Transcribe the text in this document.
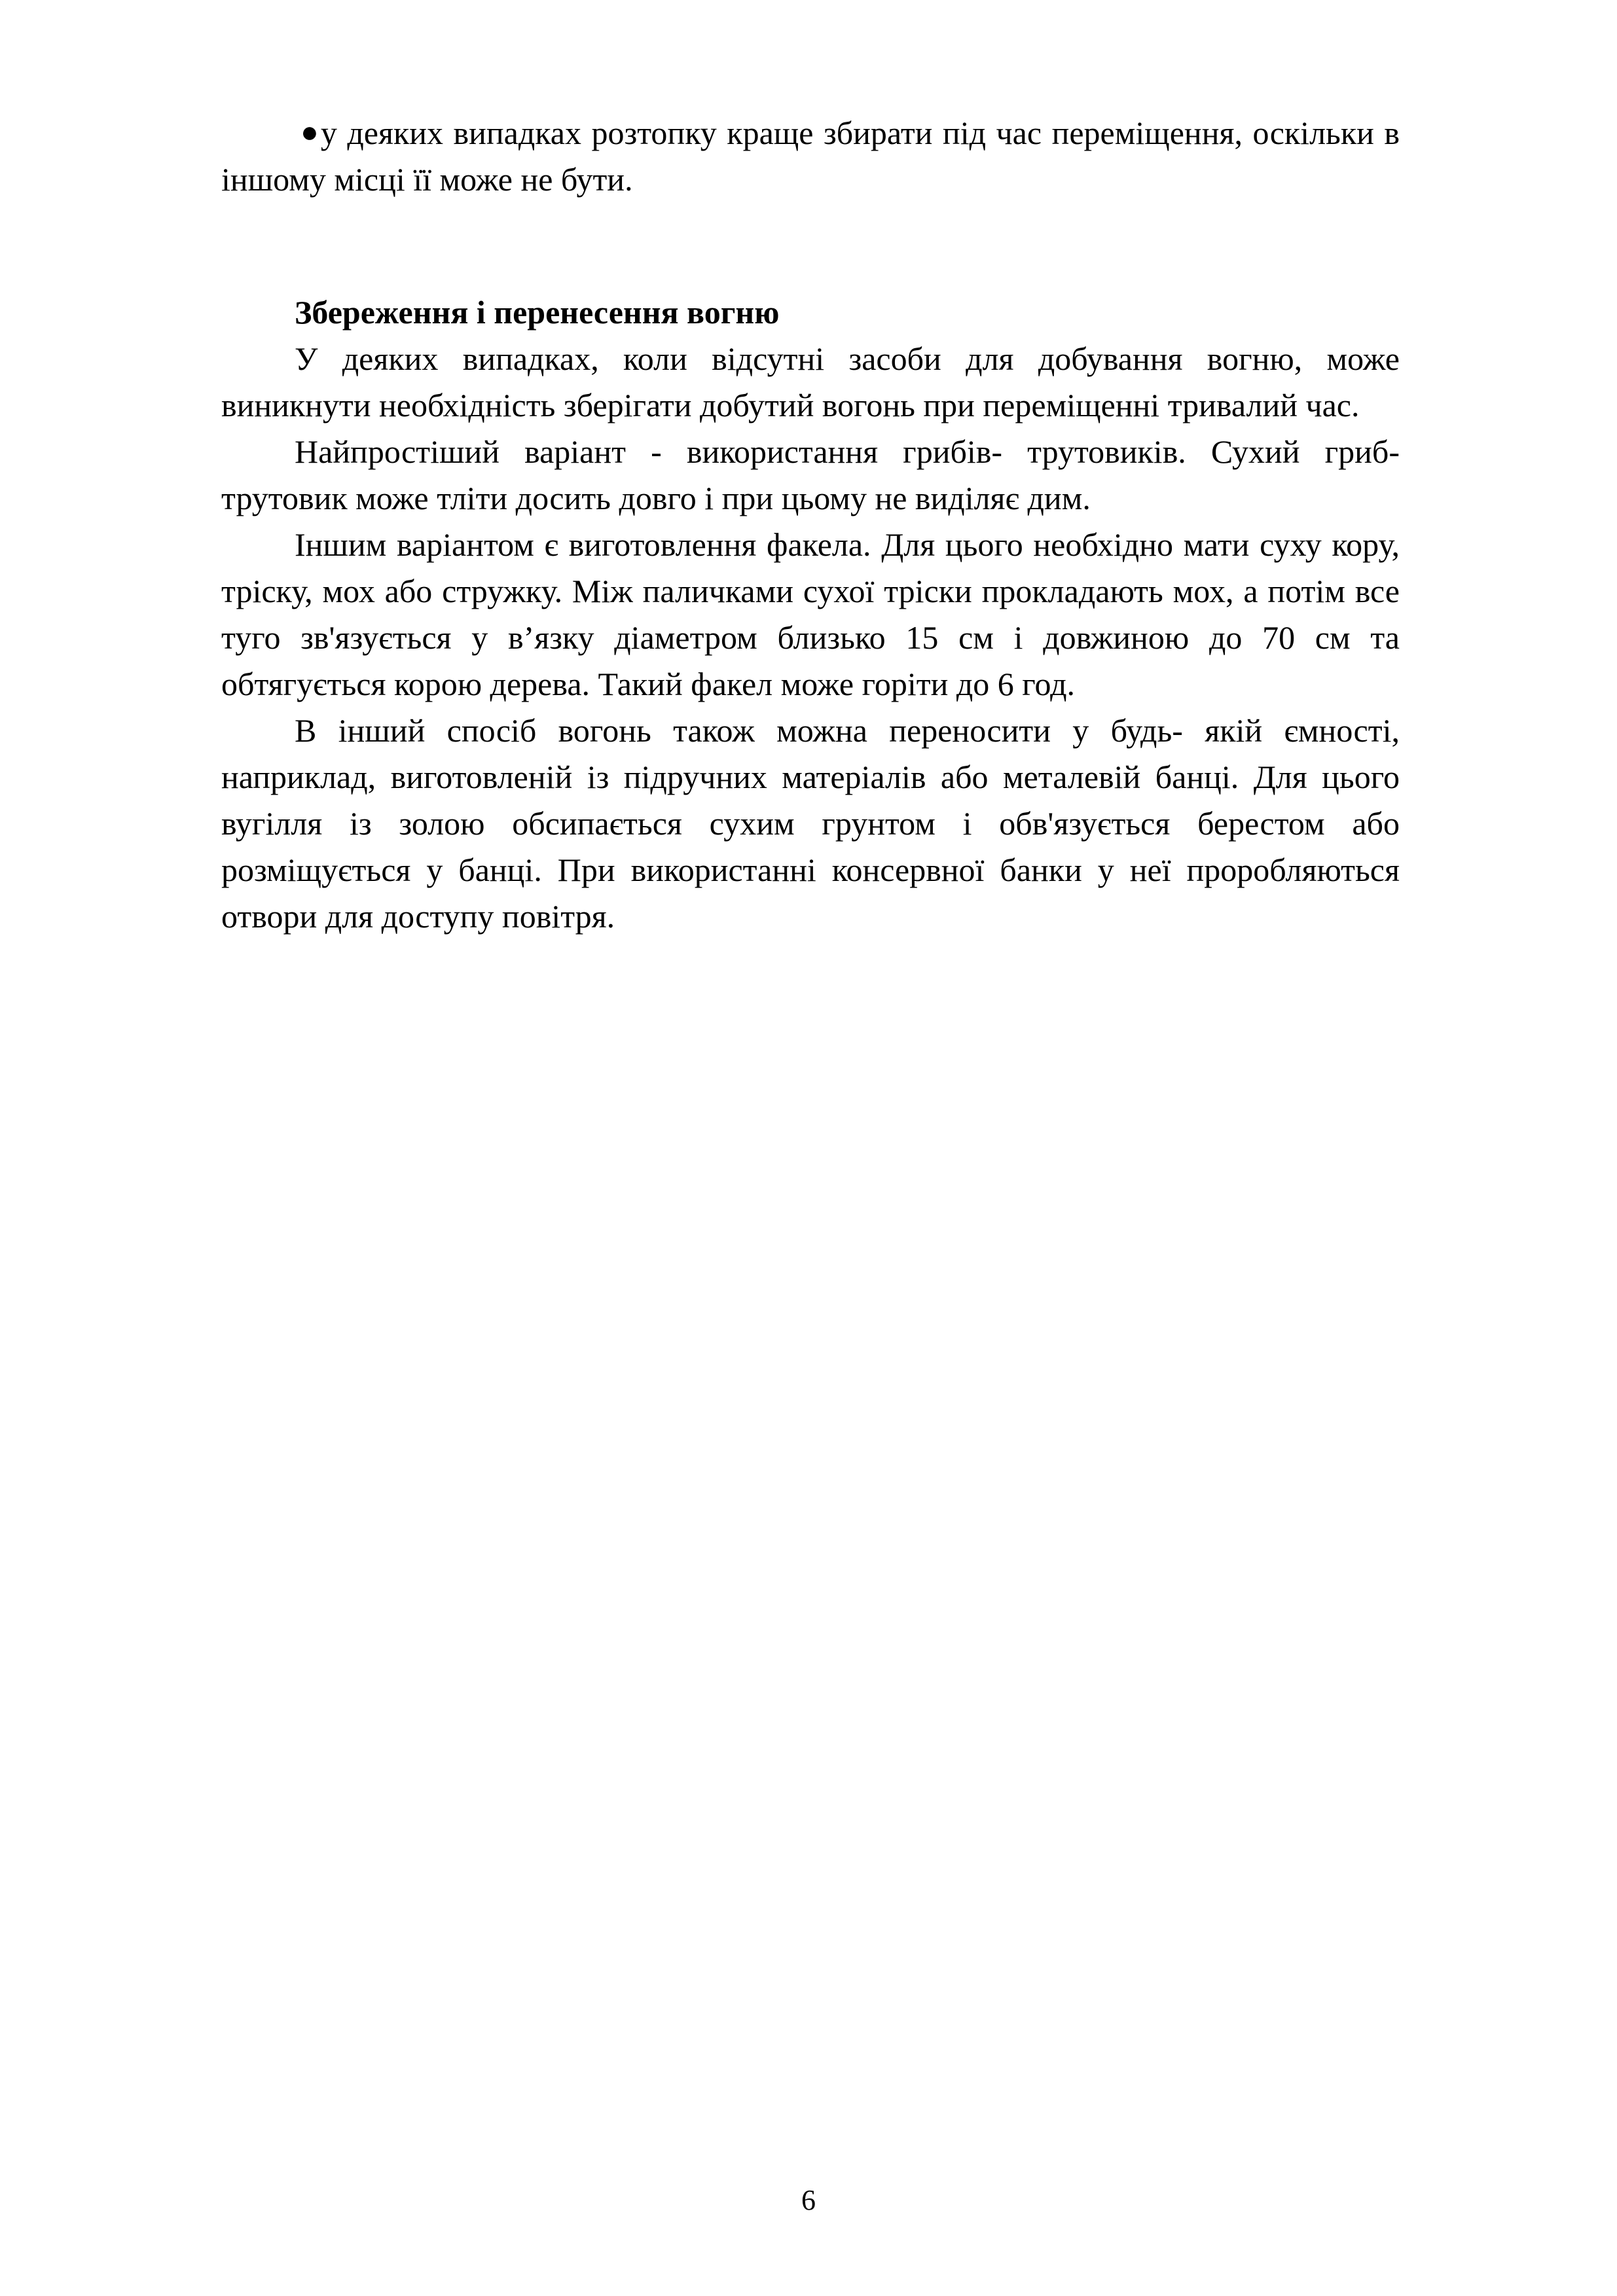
●у деяких випадках розтопку краще збирати під час переміщення, оскільки в іншому місці її може не бути.

Збереження і перенесення вогню

У деяких випадках, коли відсутні засоби для добування вогню, може виникнути необхідність зберігати добутий вогонь при переміщенні тривалий час.

Найпростіший варіант - використання грибів- трутовиків. Сухий гриб-трутовик може тліти досить довго і при цьому не виділяє дим.

Іншим варіантом є виготовлення факела. Для цього необхідно мати суху кору, тріску, мох або стружку. Між паличками сухої тріски прокладають мох, а потім все туго зв'язується у в’язку діаметром близько 15 см і довжиною до 70 см та обтягується корою дерева. Такий факел може горіти до 6 год.

В інший спосіб вогонь також можна переносити у будь- якій ємності, наприклад, виготовленій із підручних матеріалів або металевій банці. Для цього вугілля із золою обсипається сухим грунтом і обв'язується берестом або розміщується у банці. При використанні консервної банки у неї проробляються отвори для доступу повітря.

6
